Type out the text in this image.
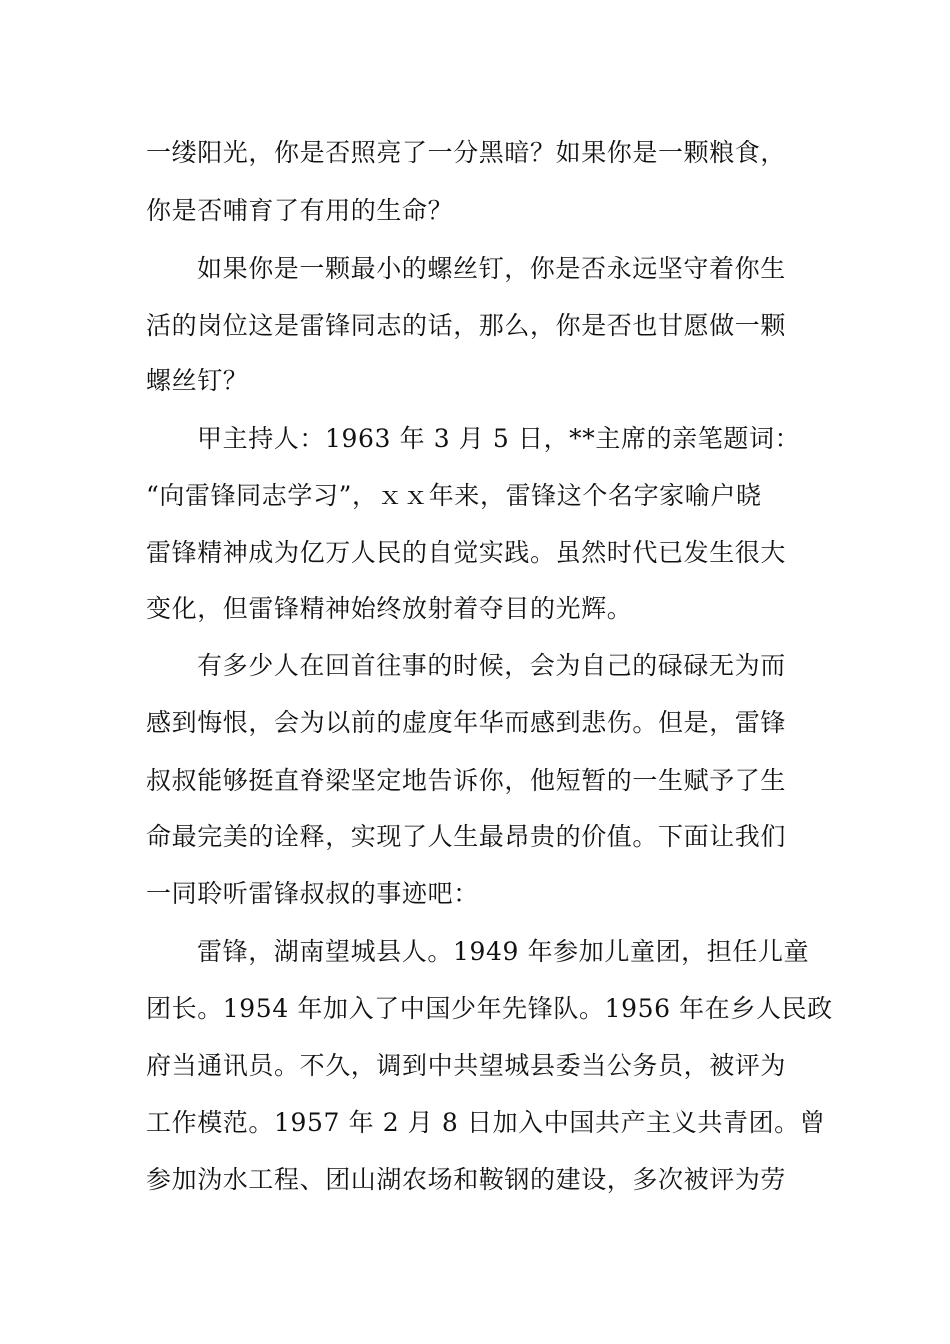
一缕阳光，你是否照亮了一分黑暗？如果你是一颗粮食，
你是否哺育了有用的生命？
如果你是一颗最小的螺丝钉，你是否永远坚守着你生
活的岗位这是雷锋同志的话，那么，你是否也甘愿做一颗
螺丝钉？
甲主持人：1963 年 3 月 5 日，**主席的亲笔题词：
“向雷锋同志学习”，ｘｘ年来，雷锋这个名字家喻户晓
雷锋精神成为亿万人民的自觉实践。虽然时代已发生很大
变化，但雷锋精神始终放射着夺目的光辉。
有多少人在回首往事的时候，会为自己的碌碌无为而
感到悔恨，会为以前的虚度年华而感到悲伤。但是，雷锋
叔叔能够挺直脊梁坚定地告诉你，他短暂的一生赋予了生
命最完美的诠释，实现了人生最昂贵的价值。下面让我们
一同聆听雷锋叔叔的事迹吧：
雷锋，湖南望城县人。1949 年参加儿童团，担任儿童
团长。1954 年加入了中国少年先锋队。1956 年在乡人民政
府当通讯员。不久，调到中共望城县委当公务员，被评为
工作模范。1957 年 2 月 8 日加入中国共产主义共青团。曾
参加沩水工程、团山湖农场和鞍钢的建设，多次被评为劳
